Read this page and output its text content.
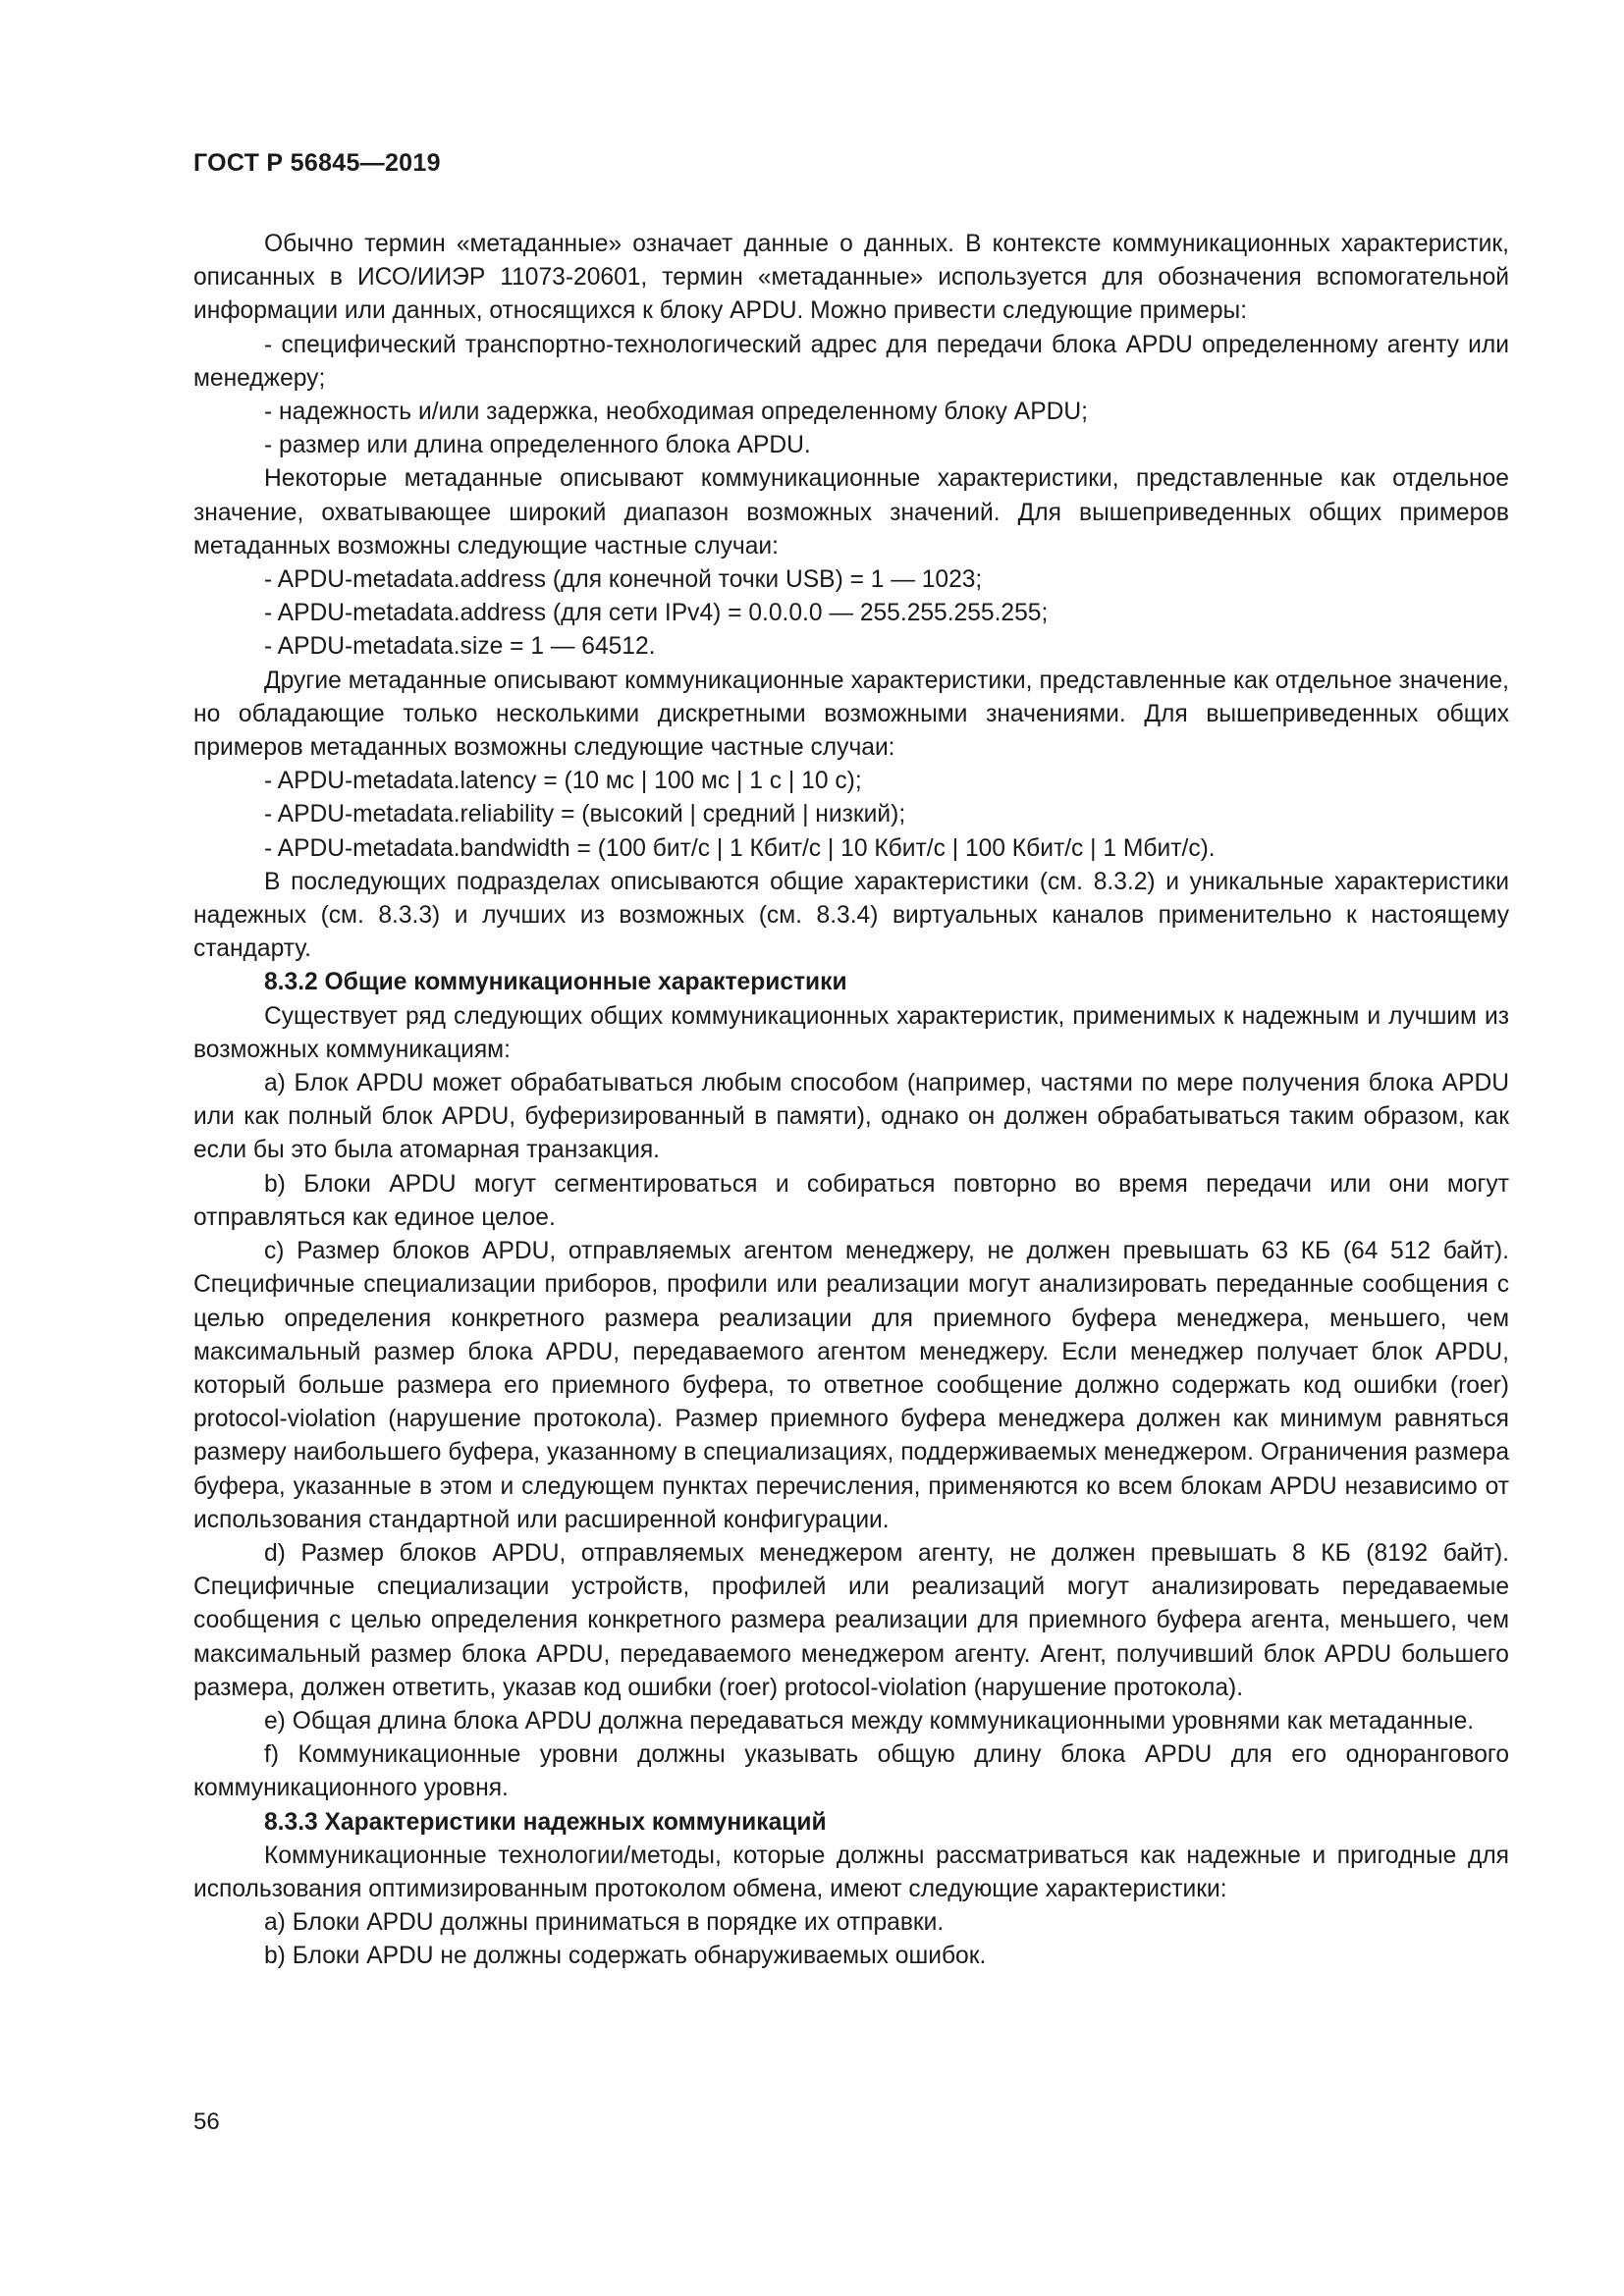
ГОСТ Р 56845—2019

Обычно термин «метаданные» означает данные о данных. В контексте коммуникационных характеристик, описанных в ИСО/ИИЭР 11073-20601, термин «метаданные» используется для обозначения вспомогательной информации или данных, относящихся к блоку APDU. Можно привести следующие примеры:

- специфический транспортно-технологический адрес для передачи блока APDU определенному агенту или менеджеру;

- надежность и/или задержка, необходимая определенному блоку APDU;

- размер или длина определенного блока APDU.

Некоторые метаданные описывают коммуникационные характеристики, представленные как отдельное значение, охватывающее широкий диапазон возможных значений. Для вышеприведенных общих примеров метаданных возможны следующие частные случаи:

- APDU-metadata.address (для конечной точки USB) = 1 — 1023;

- APDU-metadata.address (для сети IPv4) = 0.0.0.0 — 255.255.255.255;

- APDU-metadata.size = 1 — 64512.

Другие метаданные описывают коммуникационные характеристики, представленные как отдельное значение, но обладающие только несколькими дискретными возможными значениями. Для вышеприведенных общих примеров метаданных возможны следующие частные случаи:

- APDU-metadata.latency = (10 мс | 100 мс | 1 с | 10 с);

- APDU-metadata.reliability = (высокий | средний | низкий);

- APDU-metadata.bandwidth = (100 бит/с | 1 Кбит/с | 10 Кбит/с | 100 Кбит/с | 1 Мбит/с).

В последующих подразделах описываются общие характеристики (см. 8.3.2) и уникальные характеристики надежных (см. 8.3.3) и лучших из возможных (см. 8.3.4) виртуальных каналов применительно к настоящему стандарту.

8.3.2 Общие коммуникационные характеристики

Существует ряд следующих общих коммуникационных характеристик, применимых к надежным и лучшим из возможных коммуникациям:

a) Блок APDU может обрабатываться любым способом (например, частями по мере получения блока APDU или как полный блок APDU, буферизированный в памяти), однако он должен обрабатываться таким образом, как если бы это была атомарная транзакция.

b) Блоки APDU могут сегментироваться и собираться повторно во время передачи или они могут отправляться как единое целое.

c) Размер блоков APDU, отправляемых агентом менеджеру, не должен превышать 63 КБ (64 512 байт). Специфичные специализации приборов, профили или реализации могут анализировать переданные сообщения с целью определения конкретного размера реализации для приемного буфера менеджера, меньшего, чем максимальный размер блока APDU, передаваемого агентом менеджеру. Если менеджер получает блок APDU, который больше размера его приемного буфера, то ответное сообщение должно содержать код ошибки (roer) protocol-violation (нарушение протокола). Размер приемного буфера менеджера должен как минимум равняться размеру наибольшего буфера, указанному в специализациях, поддерживаемых менеджером. Ограничения размера буфера, указанные в этом и следующем пунктах перечисления, применяются ко всем блокам APDU независимо от использования стандартной или расширенной конфигурации.

d) Размер блоков APDU, отправляемых менеджером агенту, не должен превышать 8 КБ (8192 байт). Специфичные специализации устройств, профилей или реализаций могут анализировать передаваемые сообщения с целью определения конкретного размера реализации для приемного буфера агента, меньшего, чем максимальный размер блока APDU, передаваемого менеджером агенту. Агент, получивший блок APDU большего размера, должен ответить, указав код ошибки (roer) protocol-violation (нарушение протокола).

e) Общая длина блока APDU должна передаваться между коммуникационными уровнями как метаданные.

f) Коммуникационные уровни должны указывать общую длину блока APDU для его однорангового коммуникационного уровня.

8.3.3 Характеристики надежных коммуникаций

Коммуникационные технологии/методы, которые должны рассматриваться как надежные и пригодные для использования оптимизированным протоколом обмена, имеют следующие характеристики:

a) Блоки APDU должны приниматься в порядке их отправки.

b) Блоки APDU не должны содержать обнаруживаемых ошибок.

56
